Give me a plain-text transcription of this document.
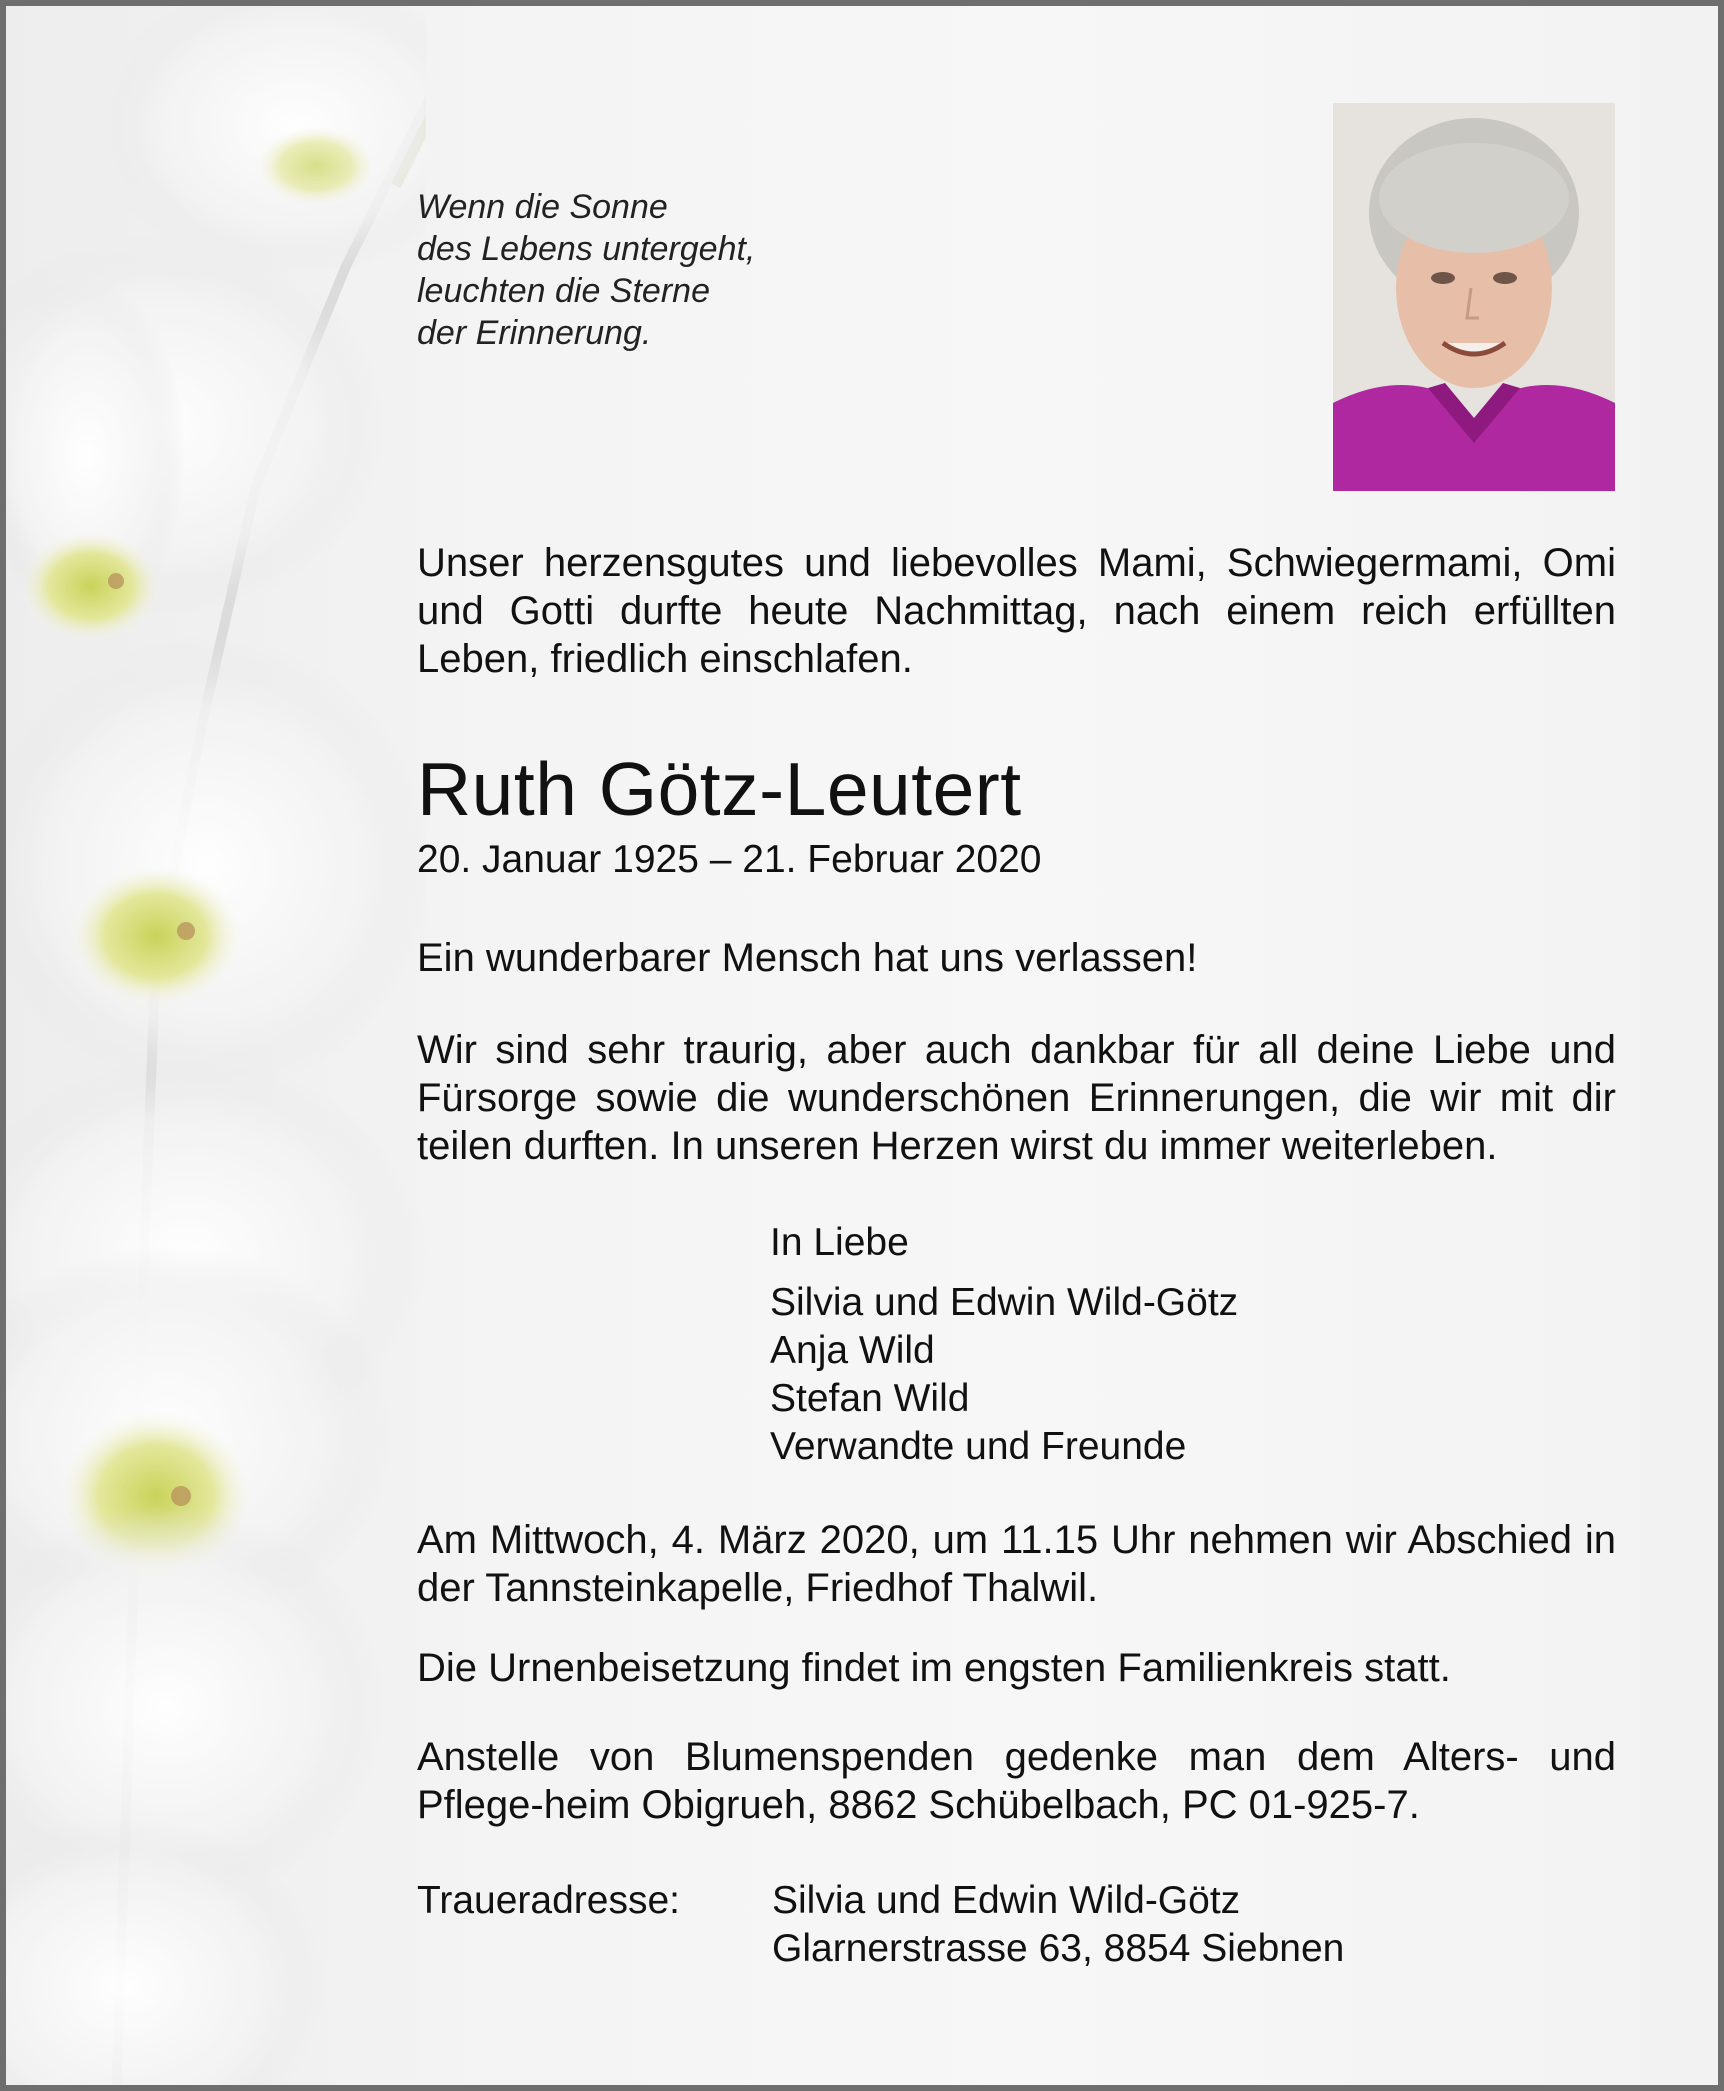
Wenn die Sonne
des Lebens untergeht,
leuchten die Sterne
der Erinnerung.
Unser herzensgutes und liebevolles Mami, Schwiegermami, Omi und Gotti durfte heute Nachmittag, nach einem reich erfüllten Leben, friedlich einschlafen.
Ruth Götz-Leutert
20. Januar 1925 – 21. Februar 2020
Ein wunderbarer Mensch hat uns verlassen!
Wir sind sehr traurig, aber auch dankbar für all deine Liebe und Fürsorge sowie die wunderschönen Erinnerungen, die wir mit dir teilen durften. In unseren Herzen wirst du immer weiterleben.
In Liebe
Silvia und Edwin Wild-Götz
Anja Wild
Stefan Wild
Verwandte und Freunde
Am Mittwoch, 4. März 2020, um 11.15 Uhr nehmen wir Abschied in der Tannsteinkapelle, Friedhof Thalwil.
Die Urnenbeisetzung findet im engsten Familienkreis statt.
Anstelle von Blumenspenden gedenke man dem Alters- und Pflege-heim Obigrueh, 8862 Schübelbach, PC 01-925-7.
Traueradresse: Silvia und Edwin Wild-Götz
Glarnerstrasse 63, 8854 Siebnen
